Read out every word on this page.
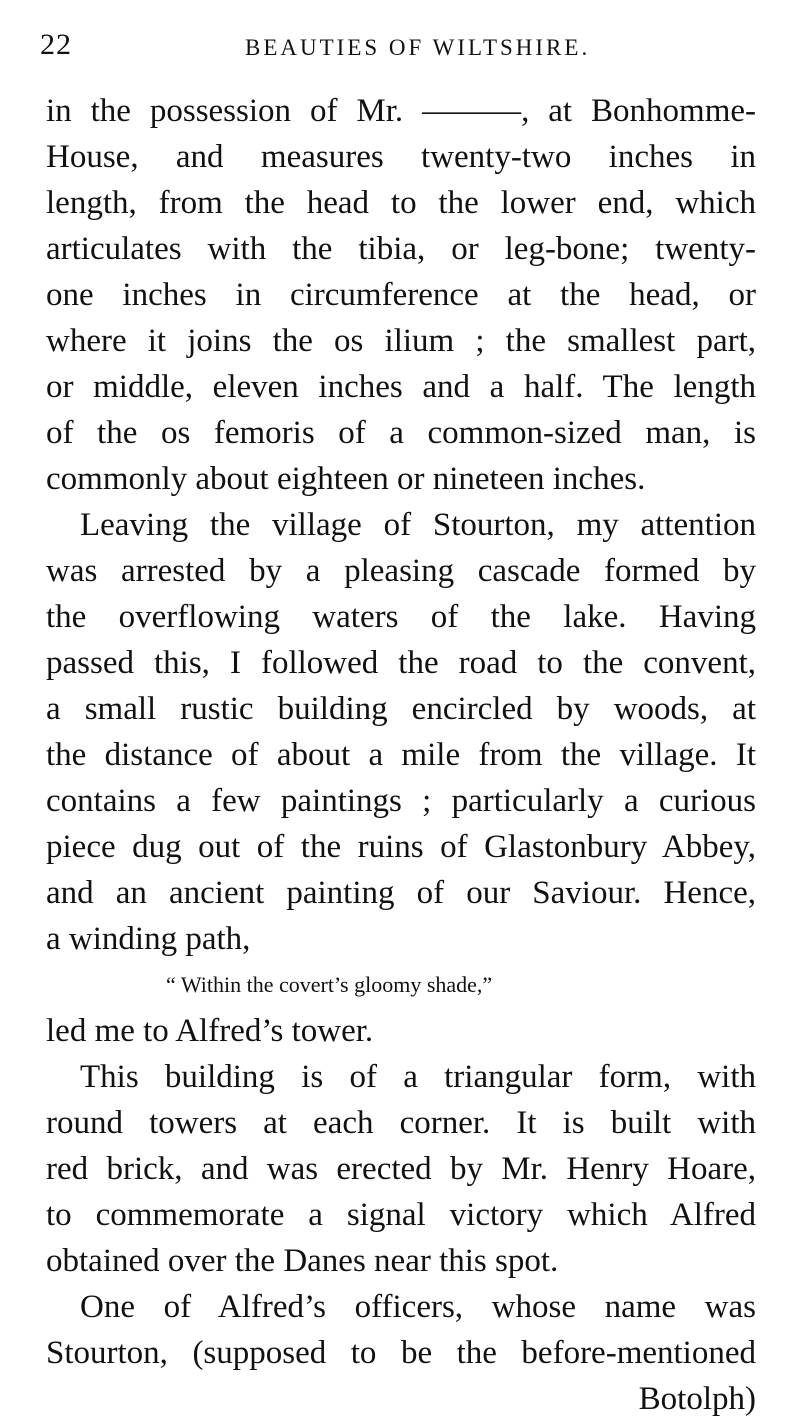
22	BEAUTIES OF WILTSHIRE.
in the possession of Mr. ———, at Bonhomme-
House, and measures twenty-two inches in
length, from the head to the lower end, which
articulates with the tibia, or leg-bone; twenty-
one inches in circumference at the head, or
where it joins the os ilium ; the smallest part,
or middle, eleven inches and a half. The length
of the os femoris of a common-sized man, is
commonly about eighteen or nineteen inches.
Leaving the village of Stourton, my attention
was arrested by a pleasing cascade formed by
the overflowing waters of the lake. Having
passed this, I followed the road to the convent,
a small rustic building encircled by woods, at
the distance of about a mile from the village. It
contains a few paintings ; particularly a curious
piece dug out of the ruins of Glastonbury Abbey,
and an ancient painting of our Saviour. Hence,
a winding path,
“ Within the covert’s gloomy shade,”
led me to Alfred’s tower.
This building is of a triangular form, with
round towers at each corner. It is built with
red brick, and was erected by Mr. Henry Hoare,
to commemorate a signal victory which Alfred
obtained over the Danes near this spot.
One of Alfred’s officers, whose name was
Stourton, (supposed to be the before-mentioned
Botolph)
